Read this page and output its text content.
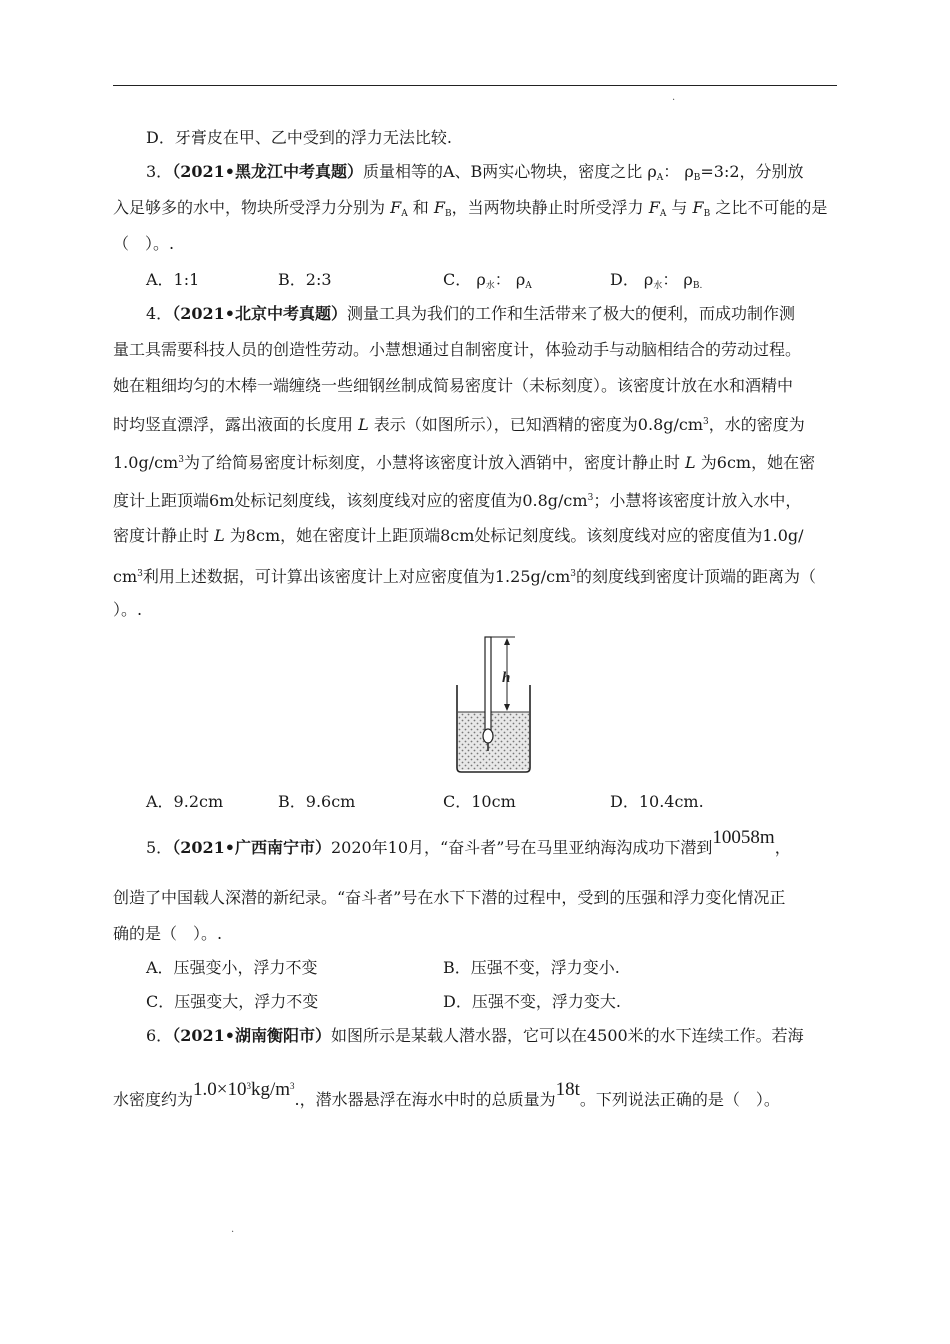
.
D．牙膏皮在甲、乙中受到的浮力无法比较.
3．（2021•黑龙江中考真题）质量相等的A、B两实心物块，密度之比 $\rho_A$： $\rho_B=3:2$，分别放
入足够多的水中，物块所受浮力分别为 $F_A$ 和 $F_B$，当两物块静止时所受浮力 $F_A$ 与 $F_B$ 之比不可能的是
（　）。.
A．1:1	B．2:3	C． $\rho_水$： $\rho_A$	D． $\rho_水$： $\rho_{B.}$
4．（2021•北京中考真题）测量工具为我们的工作和生活带来了极大的便利，而成功制作测
量工具需要科技人员的创造性劳动。小慧想通过自制密度计，体验动手与动脑相结合的劳动过程。
她在粗细均匀的木棒一端缠绕一些细钢丝制成简易密度计（未标刻度）。该密度计放在水和酒精中
时均竖直漂浮，露出液面的长度用 L 表示（如图所示），已知酒精的密度为$0.8g/cm^3$，水的密度为
$1.0g/cm^3$为了给简易密度计标刻度，小慧将该密度计放入酒销中，密度计静止时 L 为6cm，她在密
度计上距顶端6m处标记刻度线，该刻度线对应的密度值为$0.8g/cm^3$；小慧将该密度计放入水中，
密度计静止时 L 为8cm，她在密度计上距顶端8cm处标记刻度线。该刻度线对应的密度值为1.0g/
$cm^3$利用上述数据，可计算出该密度计上对应密度值为$1.25g/cm^3$的刻度线到密度计顶端的距离为（
）。.
h
A．9.2cm	B．9.6cm	C．10cm	D．10.4cm.
5．（2021•广西南宁市）2020年10月，“奋斗者”号在马里亚纳海沟成功下潜到10058m，
创造了中国载人深潜的新纪录。“奋斗者”号在水下下潜的过程中，受到的压强和浮力变化情况正
确的是（　）。.
A．压强变小，浮力不变	B．压强不变，浮力变小.
C．压强变大，浮力不变	D．压强不变，浮力变大.
6．（2021•湖南衡阳市）如图所示是某载人潜水器，它可以在4500米的水下连续工作。若海
水密度约为$1.0\times 10^3kg/m^3$.，潜水器悬浮在海水中时的总质量为18t。下列说法正确的是（　）。
.
